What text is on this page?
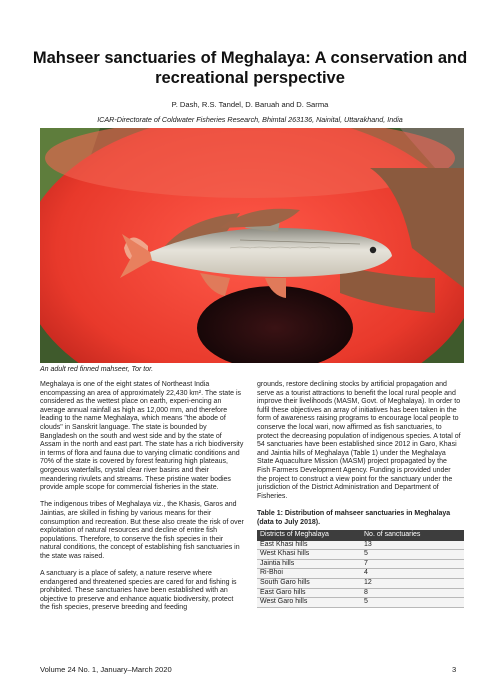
Mahseer sanctuaries of Meghalaya: A conservation and
recreational perspective
P. Dash, R.S. Tandel, D. Baruah and D. Sarma
ICAR-Directorate of Coldwater Fisheries Research, Bhimtal 263136, Nainital, Uttarakhand, India
An adult red finned mahseer, Tor tor.

Meghalaya is one of the eight states of Northeast India encompassing an area of approximately 22,430 km². The state is considered as the wettest place on earth, experi-encing an average annual rainfall as high as 12,000 mm, and therefore leading to the name Meghalaya, which means "the abode of clouds" in Sanskrit language. The state is bounded by Bangladesh on the south and west side and by the state of Assam in the north and east part. The state has a rich biodiversity in terms of flora and fauna due to varying climatic conditions and 70% of the state is covered by forest featuring high plateaus, gorgeous waterfalls, crystal clear river basins and their meandering rivulets and streams. These pristine water bodies provide ample scope for commercial fisheries in the state.

The indigenous tribes of Meghalaya viz., the Khasis, Garos and Jaintias, are skilled in fishing by various means for their consumption and recreation. But these also create the risk of over exploitation of natural resources and decline of entire fish populations. Therefore, to conserve the fish species in their natural conditions, the concept of establishing fish sanctuaries in the state was raised.

A sanctuary is a place of safety, a nature reserve where endangered and threatened species are cared for and fishing is prohibited. These sanctuaries have been established with an objective to preserve and enhance aquatic biodiversity, protect the fish species, preserve breeding and feeding

grounds, restore declining stocks by artificial propagation and serve as a tourist attractions to benefit the local rural people and improve their livelihoods (MASM, Govt. of Meghalaya). In order to fulfil these objectives an array of initiatives has been taken in the form of awareness raising programs to encourage local people to conserve the local wari, now affirmed as fish sanctuaries, to protect the decreasing population of indigenous species. A total of 54 sanctuaries have been established since 2012 in Garo, Khasi and Jaintia hills of Meghalaya (Table 1) under the Meghalaya State Aquaculture Mission (MASM) project propagated by the Fish Farmers Development Agency. Funding is provided under the project to construct a view point for the sanctuary under the jurisdiction of the District Administration and Department of Fisheries.

Table 1: Distribution of mahseer sanctuaries in Meghalaya (data to July 2018).
Districts of Meghalaya	No. of sanctuaries
East Khasi hills	13
West Khasi hills	5
Jaintia hills	7
Ri-Bhoi	4
South Garo hills	12
East Garo hills	8
West Garo hills	5
Volume 24 No. 1, January–March 2020	3
